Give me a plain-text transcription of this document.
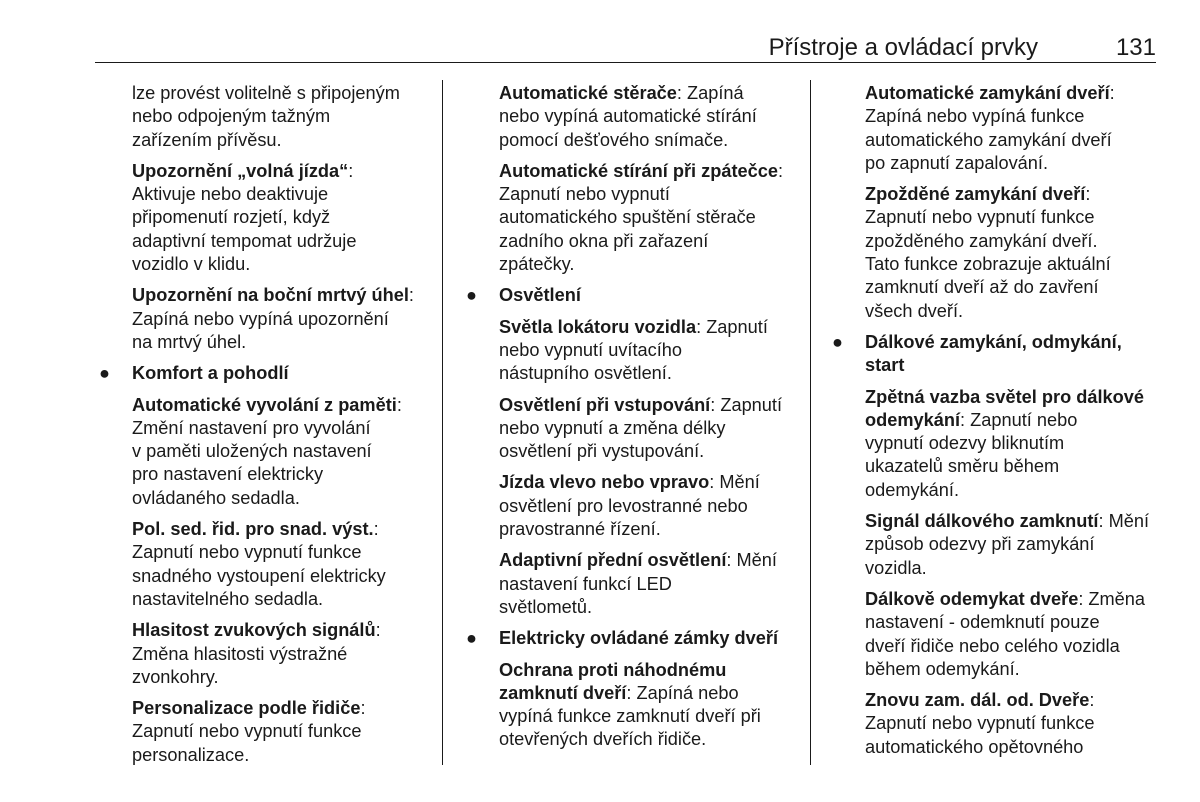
Přístroje a ovládací prvky	131

lze provést volitelně s připojeným
nebo odpojeným tažným
zařízením přívěsu.

Upozornění „volná jízda“:
Aktivuje nebo deaktivuje
připomenutí rozjetí, když
adaptivní tempomat udržuje
vozidlo v klidu.

Upozornění na boční mrtvý úhel:
Zapíná nebo vypíná upozornění
na mrtvý úhel.

● Komfort a pohodlí

Automatické vyvolání z paměti:
Změní nastavení pro vyvolání
v paměti uložených nastavení
pro nastavení elektricky
ovládaného sedadla.

Pol. sed. řid. pro snad. výst.:
Zapnutí nebo vypnutí funkce
snadného vystoupení elektricky
nastavitelného sedadla.

Hlasitost zvukových signálů:
Změna hlasitosti výstražné
zvonkohry.

Personalizace podle řidiče:
Zapnutí nebo vypnutí funkce
personalizace.

Automatické stěrače: Zapíná
nebo vypíná automatické stírání
pomocí dešťového snímače.

Automatické stírání při zpátečce:
Zapnutí nebo vypnutí
automatického spuštění stěrače
zadního okna při zařazení
zpátečky.

● Osvětlení

Světla lokátoru vozidla: Zapnutí
nebo vypnutí uvítacího
nástupního osvětlení.

Osvětlení při vstupování: Zapnutí
nebo vypnutí a změna délky
osvětlení při vystupování.

Jízda vlevo nebo vpravo: Mění
osvětlení pro levostranné nebo
pravostranné řízení.

Adaptivní přední osvětlení: Mění
nastavení funkcí LED
světlometů.

● Elektricky ovládané zámky dveří

Ochrana proti náhodnému
zamknutí dveří: Zapíná nebo
vypíná funkce zamknutí dveří při
otevřených dveřích řidiče.

Automatické zamykání dveří:
Zapíná nebo vypíná funkce
automatického zamykání dveří
po zapnutí zapalování.

Zpožděné zamykání dveří:
Zapnutí nebo vypnutí funkce
zpožděného zamykání dveří.
Tato funkce zobrazuje aktuální
zamknutí dveří až do zavření
všech dveří.

● Dálkové zamykání, odmykání,
start

Zpětná vazba světel pro dálkové
odemykání: Zapnutí nebo
vypnutí odezvy bliknutím
ukazatelů směru během
odemykání.

Signál dálkového zamknutí: Mění
způsob odezvy při zamykání
vozidla.

Dálkově odemykat dveře: Změna
nastavení - odemknutí pouze
dveří řidiče nebo celého vozidla
během odemykání.

Znovu zam. dál. od. Dveře:
Zapnutí nebo vypnutí funkce
automatického opětovného
